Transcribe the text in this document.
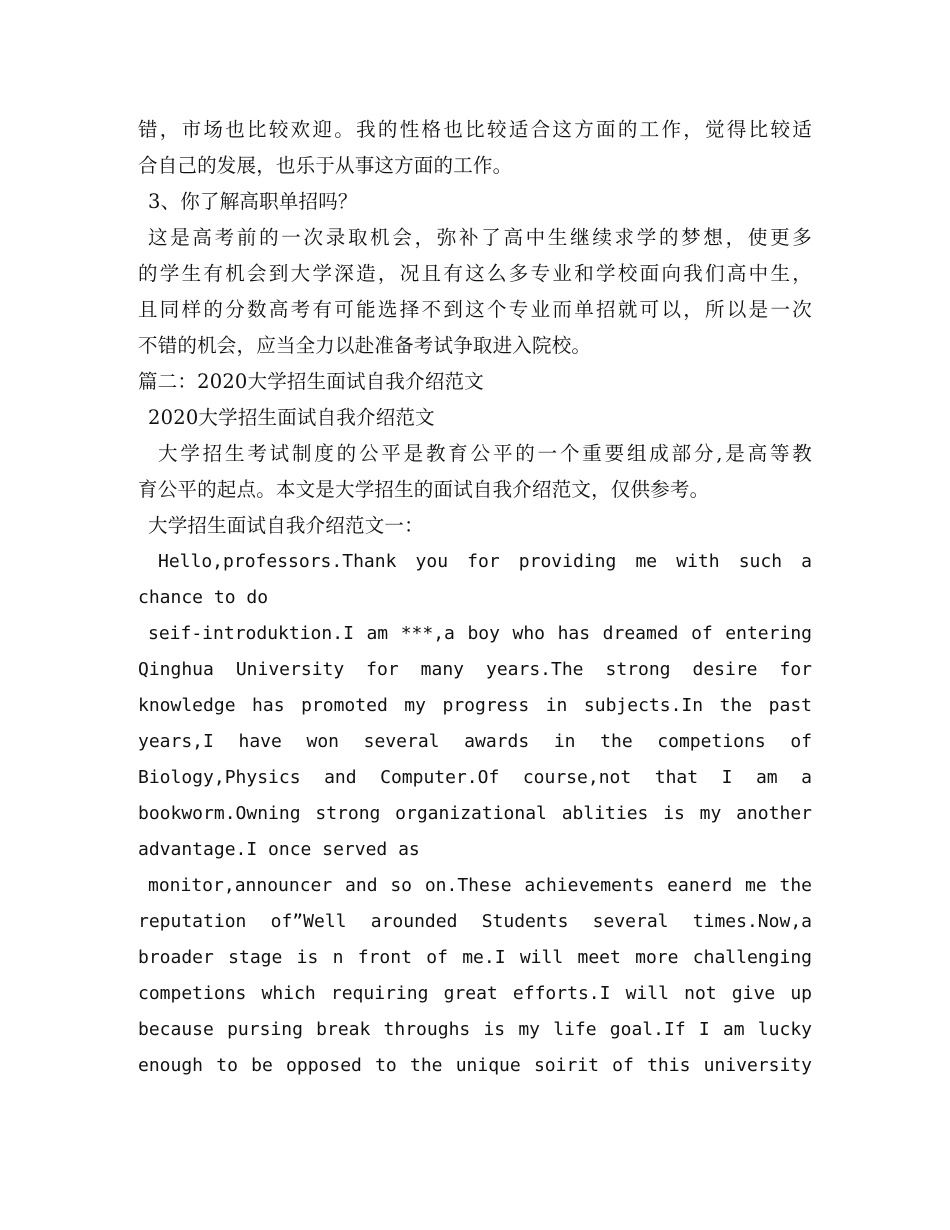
错，市场也比较欢迎。我的性格也比较适合这方面的工作，觉得比较适
合自己的发展，也乐于从事这方面的工作。
3、你了解高职单招吗？
这是高考前的一次录取机会，弥补了高中生继续求学的梦想，使更多
的学生有机会到大学深造，况且有这么多专业和学校面向我们高中生，
且同样的分数高考有可能选择不到这个专业而单招就可以，所以是一次
不错的机会，应当全力以赴准备考试争取进入院校。
篇二：2020大学招生面试自我介绍范文
2020大学招生面试自我介绍范文
大学招生考试制度的公平是教育公平的一个重要组成部分,是高等教
育公平的起点。本文是大学招生的面试自我介绍范文，仅供参考。
大学招生面试自我介绍范文一：
Hello,professors.Thank you for providing me with such a
chance to do
seif-introduktion.I am ***,a boy who has dreamed of entering
Qinghua University for many years.The strong desire for
knowledge has promoted my progress in subjects.In the past
years,I have won several awards in the competions of
Biology,Physics and Computer.Of course,not that I am a
bookworm.Owning strong organizational ablities is my another
advantage.I once served as
monitor,announcer and so on.These achievements eanerd me the
reputation of”Well arounded Students several times.Now,a
broader stage is n front of me.I will meet more challenging
competions which requiring great efforts.I will not give up
because pursing break throughs is my life goal.If I am lucky
enough to be opposed to the unique soirit of this university
